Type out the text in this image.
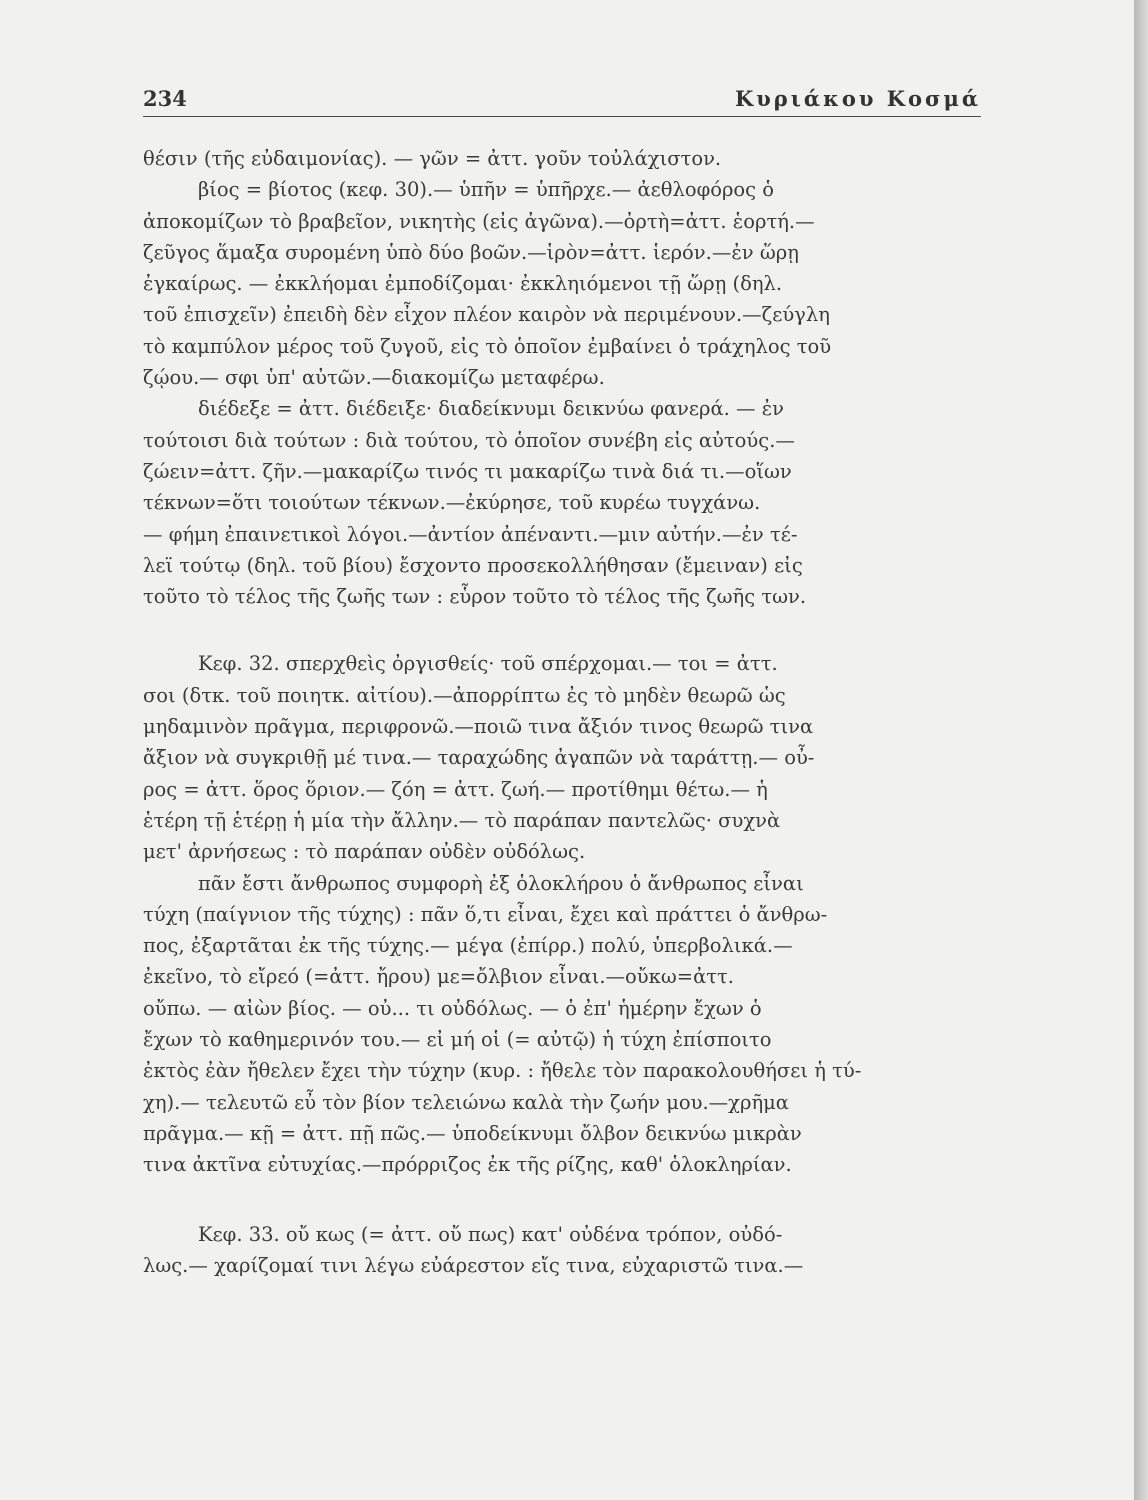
234	Κυριάκου Κοσμά
θέσιν (τῆς εὐδαιμονίας). — γῶν = ἀττ. γοῦν τοὐλάχιστον.
βίος = βίοτος (κεφ. 30).— ὑπῆν = ὑπῆρχε.— ἀεθλοφόρος ὁ
ἀποκομίζων τὸ βραβεῖον, νικητὴς (εἰς ἀγῶνα).—ὀρτὴ=ἀττ. ἑορτή.—
ζεῦγος ἅμαξα συρομένη ὑπὸ δύο βοῶν.—ἱρὸν=ἀττ. ἱερόν.—ἐν ὥρῃ
ἐγκαίρως. — ἐκκλήομαι ἐμποδίζομαι· ἐκκληιόμενοι τῇ ὥρῃ (δηλ.
τοῦ ἐπισχεῖν) ἐπειδὴ δὲν εἶχον πλέον καιρὸν νὰ περιμένουν.—ζεύγλη
τὸ καμπύλον μέρος τοῦ ζυγοῦ, εἰς τὸ ὁποῖον ἐμβαίνει ὁ τράχηλος τοῦ
ζῴου.— σφι ὑπ' αὐτῶν.—διακομίζω μεταφέρω.
διέδεξε = ἀττ. διέδειξε· διαδείκνυμι δεικνύω φανερά. — ἐν
τούτοισι διὰ τούτων : διὰ τούτου, τὸ ὁποῖον συνέβη εἰς αὐτούς.—
ζώειν=ἀττ. ζῆν.—μακαρίζω τινός τι μακαρίζω τινὰ διά τι.—οἵων
τέκνων=ὅτι τοιούτων τέκνων.—ἐκύρησε, τοῦ κυρέω τυγχάνω.
— φήμη ἐπαινετικοὶ λόγοι.—ἀντίον ἀπέναντι.—μιν αὐτήν.—ἐν τέ-
λεϊ τούτῳ (δηλ. τοῦ βίου) ἔσχοντο προσεκολλήθησαν (ἔμειναν) εἰς
τοῦτο τὸ τέλος τῆς ζωῆς των : εὗρον τοῦτο τὸ τέλος τῆς ζωῆς των.
Κεφ. 32. σπερχθεὶς ὀργισθείς· τοῦ σπέρχομαι.— τοι = ἀττ.
σοι (δτκ. τοῦ ποιητκ. αἰτίου).—ἀπορρίπτω ἐς τὸ μηδὲν θεωρῶ ὡς
μηδαμινὸν πρᾶγμα, περιφρονῶ.—ποιῶ τινα ἄξιόν τινος θεωρῶ τινα
ἄξιον νὰ συγκριθῇ μέ τινα.— ταραχώδης ἀγαπῶν νὰ ταράττῃ.— οὖ-
ρος = ἀττ. ὅρος ὅριον.— ζόη = ἀττ. ζωή.— προτίθημι θέτω.— ἡ
ἑτέρη τῇ ἑτέρῃ ἡ μία τὴν ἄλλην.— τὸ παράπαν παντελῶς· συχνὰ
μετ' ἀρνήσεως : τὸ παράπαν οὐδὲν οὐδόλως.
πᾶν ἔστι ἄνθρωπος συμφορὴ ἐξ ὁλοκλήρου ὁ ἄνθρωπος εἶναι
τύχη (παίγνιον τῆς τύχης) : πᾶν ὅ,τι εἶναι, ἔχει καὶ πράττει ὁ ἄνθρω-
πος, ἐξαρτᾶται ἐκ τῆς τύχης.— μέγα (ἐπίρρ.) πολύ, ὑπερβολικά.—
ἐκεῖνο, τὸ εἴρεό (=ἀττ. ἤρου) με=ὄλβιον εἶναι.—οὔκω=ἀττ.
οὔπω. — αἰὼν βίος. — οὐ... τι οὐδόλως. — ὁ ἐπ' ἡμέρην ἔχων ὁ
ἔχων τὸ καθημερινόν του.— εἰ μή οἱ (= αὐτῷ) ἡ τύχη ἐπίσποιτο
ἐκτὸς ἐὰν ἤθελεν ἔχει τὴν τύχην (κυρ. : ἤθελε τὸν παρακολουθήσει ἡ τύ-
χη).— τελευτῶ εὖ τὸν βίον τελειώνω καλὰ τὴν ζωήν μου.—χρῆμα
πρᾶγμα.— κῇ = ἀττ. πῇ πῶς.— ὑποδείκνυμι ὄλβον δεικνύω μικρὰν
τινα ἀκτῖνα εὐτυχίας.—πρόρριζος ἐκ τῆς ρίζης, καθ' ὁλοκληρίαν.
Κεφ. 33. οὔ κως (= ἀττ. οὔ πως) κατ' οὐδένα τρόπον, οὐδό-
λως.— χαρίζομαί τινι λέγω εὐάρεστον εἴς τινα, εὐχαριστῶ τινα.—
